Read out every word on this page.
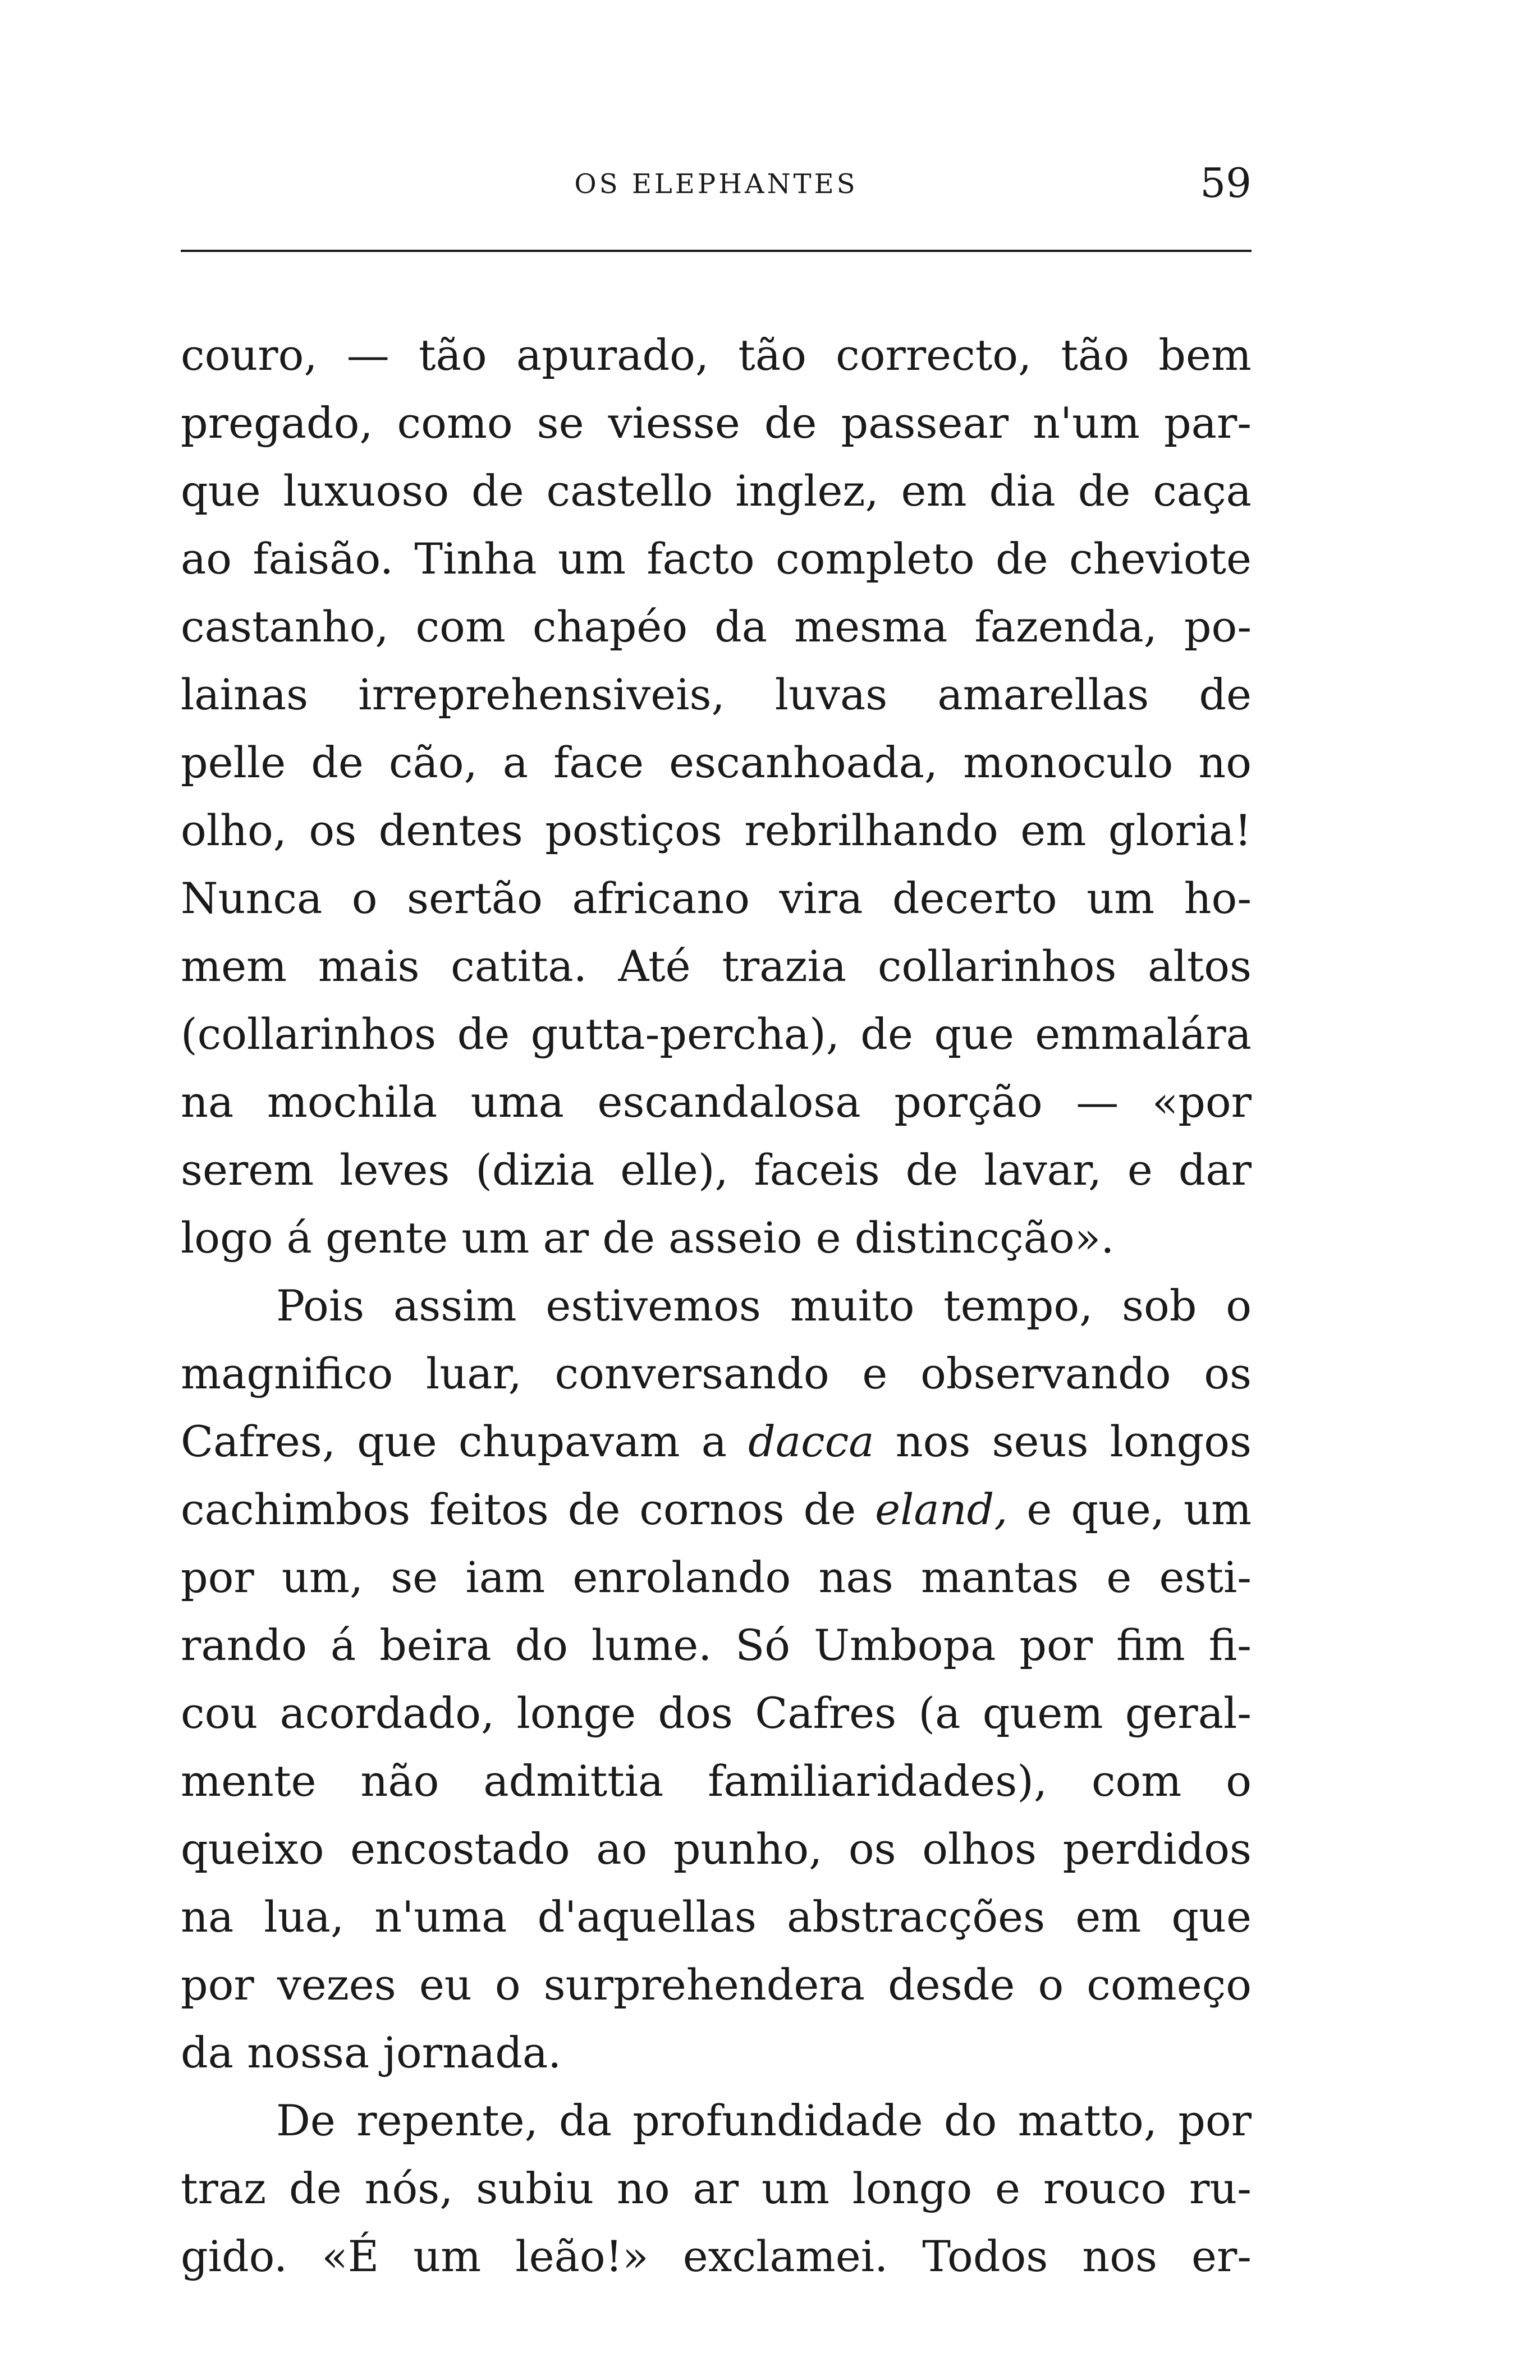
OS ELEPHANTES	59
couro, — tão apurado, tão correcto, tão bem
pregado, como se viesse de passear n'um par-
que luxuoso de castello inglez, em dia de caça
ao faisão. Tinha um facto completo de cheviote
castanho, com chapéo da mesma fazenda, po-
lainas irreprehensiveis, luvas amarellas de
pelle de cão, a face escanhoada, monoculo no
olho, os dentes postiços rebrilhando em gloria!
Nunca o sertão africano vira decerto um ho-
mem mais catita. Até trazia collarinhos altos
(collarinhos de gutta-percha), de que emmalára
na mochila uma escandalosa porção — «por
serem leves (dizia elle), faceis de lavar, e dar
logo á gente um ar de asseio e distincção».
Pois assim estivemos muito tempo, sob o
magnifico luar, conversando e observando os
Cafres, que chupavam a dacca nos seus longos
cachimbos feitos de cornos de eland, e que, um
por um, se iam enrolando nas mantas e esti-
rando á beira do lume. Só Umbopa por fim fi-
cou acordado, longe dos Cafres (a quem geral-
mente não admittia familiaridades), com o
queixo encostado ao punho, os olhos perdidos
na lua, n'uma d'aquellas abstracções em que
por vezes eu o surprehendera desde o começo
da nossa jornada.
De repente, da profundidade do matto, por
traz de nós, subiu no ar um longo e rouco ru-
gido. «É um leão!» exclamei. Todos nos er-
